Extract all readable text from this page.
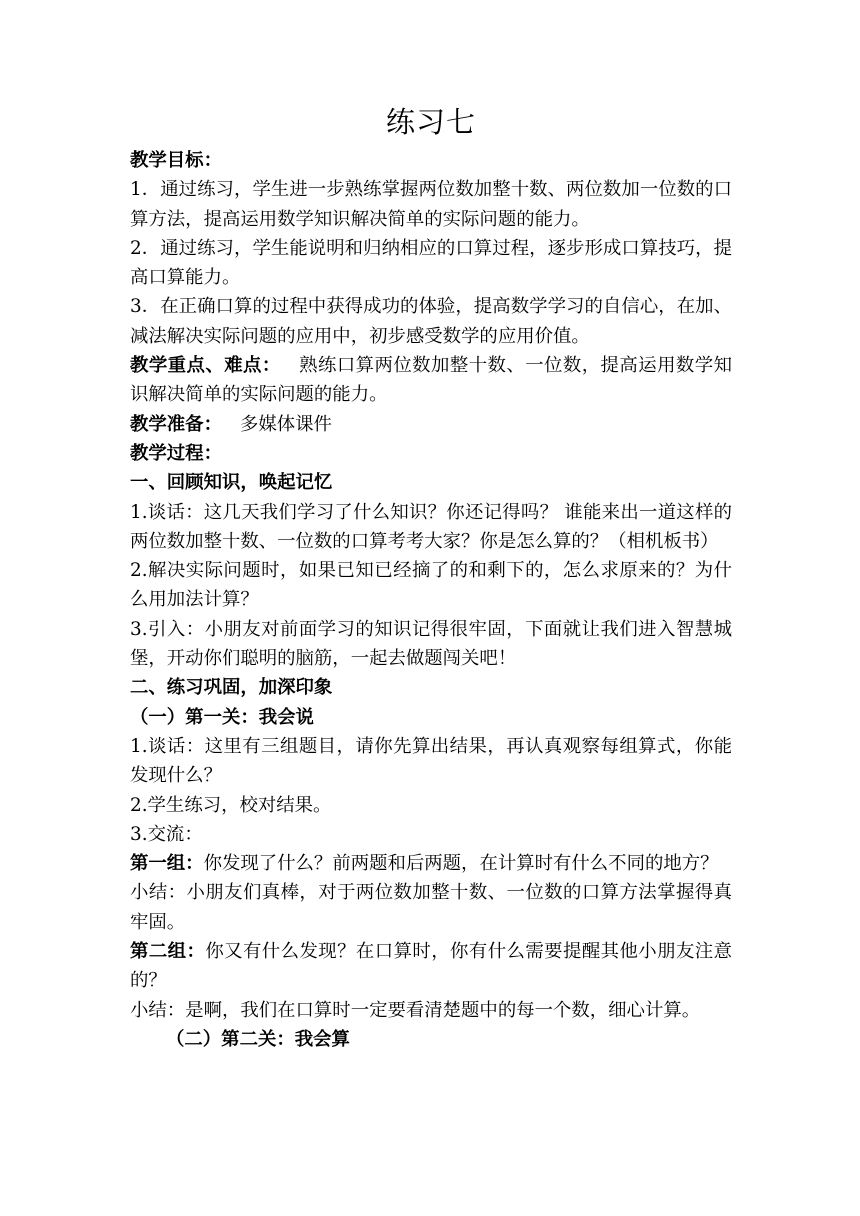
练习七

教学目标：

1．通过练习，学生进一步熟练掌握两位数加整十数、两位数加一位数的口算方法，提高运用数学知识解决简单的实际问题的能力。

2．通过练习，学生能说明和归纳相应的口算过程，逐步形成口算技巧，提高口算能力。

3．在正确口算的过程中获得成功的体验，提高数学学习的自信心，在加、减法解决实际问题的应用中，初步感受数学的应用价值。

教学重点、难点： 熟练口算两位数加整十数、一位数，提高运用数学知识解决简单的实际问题的能力。

教学准备： 多媒体课件

教学过程：

一、回顾知识，唤起记忆

1.谈话：这几天我们学习了什么知识？你还记得吗？ 谁能来出一道这样的两位数加整十数、一位数的口算考考大家？你是怎么算的？（相机板书）

2.解决实际问题时，如果已知已经摘了的和剩下的，怎么求原来的？为什么用加法计算？

3.引入：小朋友对前面学习的知识记得很牢固，下面就让我们进入智慧城堡，开动你们聪明的脑筋，一起去做题闯关吧！

二、练习巩固，加深印象

（一）第一关：我会说

1.谈话：这里有三组题目，请你先算出结果，再认真观察每组算式，你能发现什么？

2.学生练习，校对结果。

3.交流：

第一组：你发现了什么？前两题和后两题，在计算时有什么不同的地方？

小结：小朋友们真棒，对于两位数加整十数、一位数的口算方法掌握得真牢固。

第二组：你又有什么发现？在口算时，你有什么需要提醒其他小朋友注意的？

小结：是啊，我们在口算时一定要看清楚题中的每一个数，细心计算。

（二）第二关：我会算
